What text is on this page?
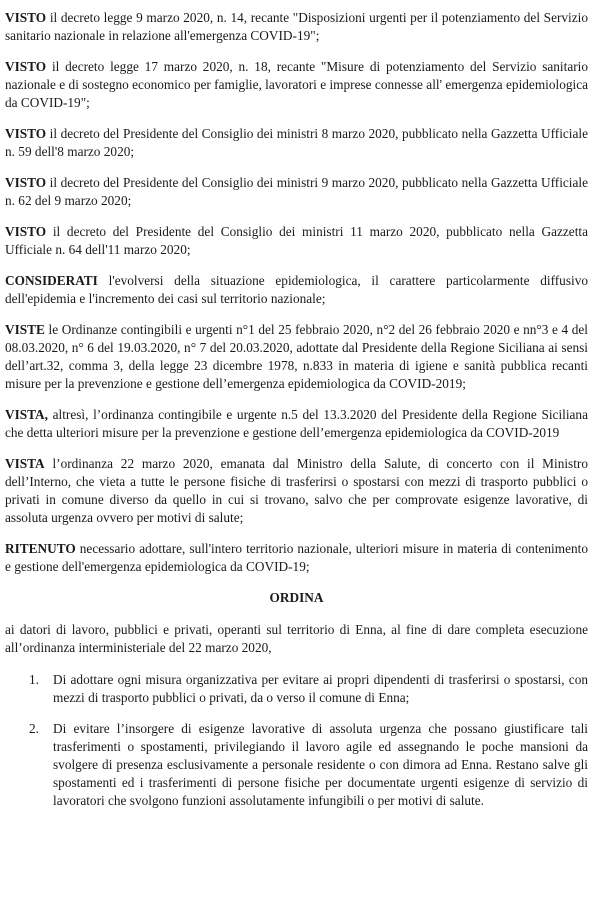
VISTO il decreto legge 9 marzo 2020, n. 14, recante "Disposizioni urgenti per il potenziamento del Servizio sanitario nazionale in relazione all'emergenza COVID-19";

VISTO il decreto legge 17 marzo 2020, n. 18, recante "Misure di potenziamento del Servizio sanitario nazionale e di sostegno economico per famiglie, lavoratori e imprese connesse all' emergenza epidemiologica da COVID-19";

VISTO il decreto del Presidente del Consiglio dei ministri 8 marzo 2020, pubblicato nella Gazzetta Ufficiale n. 59 dell'8 marzo 2020;

VISTO il decreto del Presidente del Consiglio dei ministri 9 marzo 2020, pubblicato nella Gazzetta Ufficiale n. 62 del 9 marzo 2020;

VISTO il decreto del Presidente del Consiglio dei ministri 11 marzo 2020, pubblicato nella Gazzetta Ufficiale n. 64 dell'11 marzo 2020;

CONSIDERATI l'evolversi della situazione epidemiologica, il carattere particolarmente diffusivo dell'epidemia e l'incremento dei casi sul territorio nazionale;

VISTE le Ordinanze contingibili e urgenti n°1 del 25 febbraio 2020, n°2 del 26 febbraio 2020 e nn°3 e 4 del 08.03.2020, n° 6 del 19.03.2020, n° 7 del 20.03.2020, adottate dal Presidente della Regione Siciliana ai sensi dell’art.32, comma 3, della legge 23 dicembre 1978, n.833 in materia di igiene e sanità pubblica recanti misure per la prevenzione e gestione dell’emergenza epidemiologica da COVID-2019;

VISTA, altresì, l’ordinanza contingibile e urgente n.5 del 13.3.2020 del Presidente della Regione Siciliana che detta ulteriori misure per la prevenzione e gestione dell’emergenza epidemiologica da COVID-2019

VISTA l’ordinanza 22 marzo 2020, emanata dal Ministro della Salute, di concerto con il Ministro dell’Interno, che vieta a tutte le persone fisiche di trasferirsi o spostarsi con mezzi di trasporto pubblici o privati in comune diverso da quello in cui si trovano, salvo che per comprovate esigenze lavorative, di assoluta urgenza ovvero per motivi di salute;

RITENUTO necessario adottare, sull'intero territorio nazionale, ulteriori misure in materia di contenimento e gestione dell'emergenza epidemiologica da COVID-19;

ORDINA

ai datori di lavoro, pubblici e privati, operanti sul territorio di Enna, al fine di dare completa esecuzione all’ordinanza interministeriale del 22 marzo 2020,

1. Di adottare ogni misura organizzativa per evitare ai propri dipendenti di trasferirsi o spostarsi, con mezzi di trasporto pubblici o privati, da o verso il comune di Enna;
2. Di evitare l’insorgere di esigenze lavorative di assoluta urgenza che possano giustificare tali trasferimenti o spostamenti, privilegiando il lavoro agile ed assegnando le poche mansioni da svolgere di presenza esclusivamente a personale residente o con dimora ad Enna. Restano salve gli spostamenti ed i trasferimenti di persone fisiche per documentate urgenti esigenze di servizio di lavoratori che svolgono funzioni assolutamente infungibili o per motivi di salute.
